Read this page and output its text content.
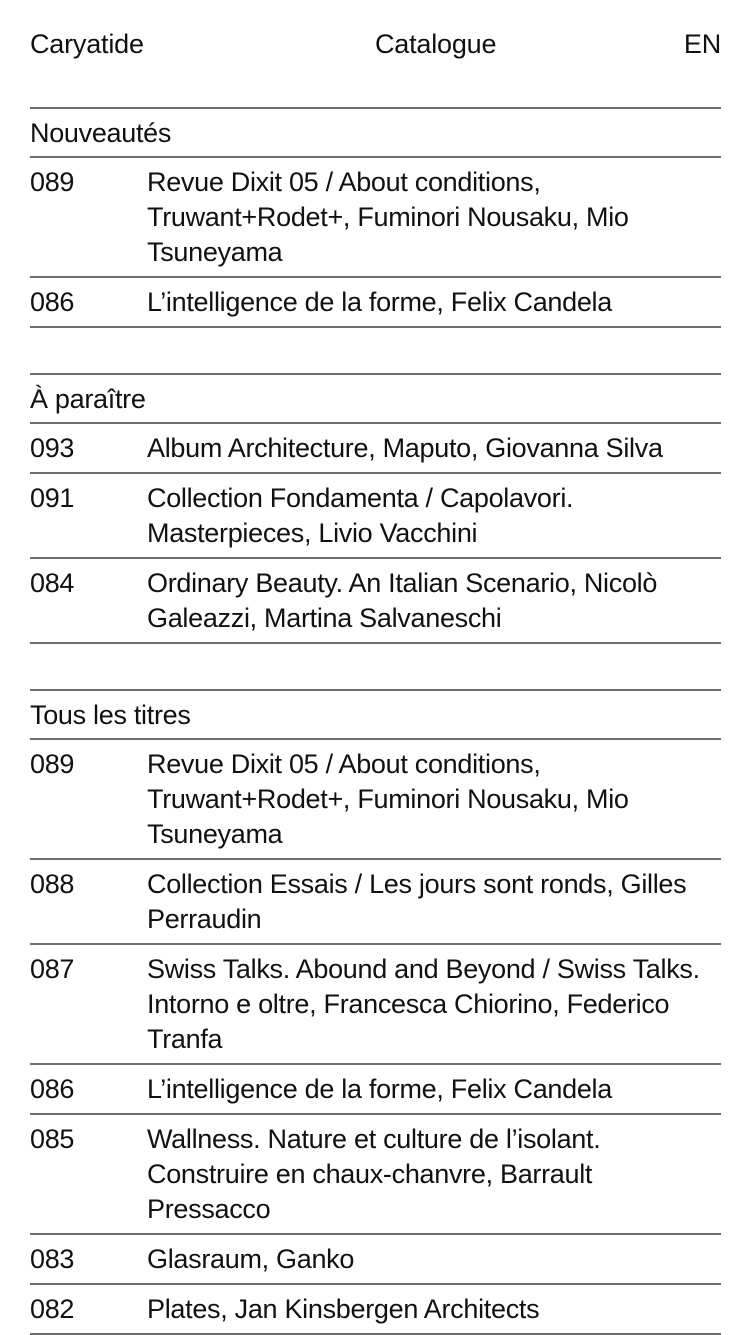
Caryatide	Catalogue	EN
Nouveautés
089	Revue Dixit 05 / About conditions, Truwant+Rodet+, Fuminori Nousaku, Mio Tsuneyama
086	L’intelligence de la forme, Felix Candela
À paraître
093	Album Architecture, Maputo, Giovanna Silva
091	Collection Fondamenta / Capolavori. Masterpieces, Livio Vacchini
084	Ordinary Beauty. An Italian Scenario, Nicolò Galeazzi, Martina Salvaneschi
Tous les titres
089	Revue Dixit 05 / About conditions, Truwant+Rodet+, Fuminori Nousaku, Mio Tsuneyama
088	Collection Essais / Les jours sont ronds, Gilles Perraudin
087	Swiss Talks. Abound and Beyond / Swiss Talks. Intorno e oltre, Francesca Chiorino, Federico Tranfa
086	L’intelligence de la forme, Felix Candela
085	Wallness. Nature et culture de l’isolant. Construire en chaux-chanvre, Barrault Pressacco
083	Glasraum, Ganko
082	Plates, Jan Kinsbergen Architects
